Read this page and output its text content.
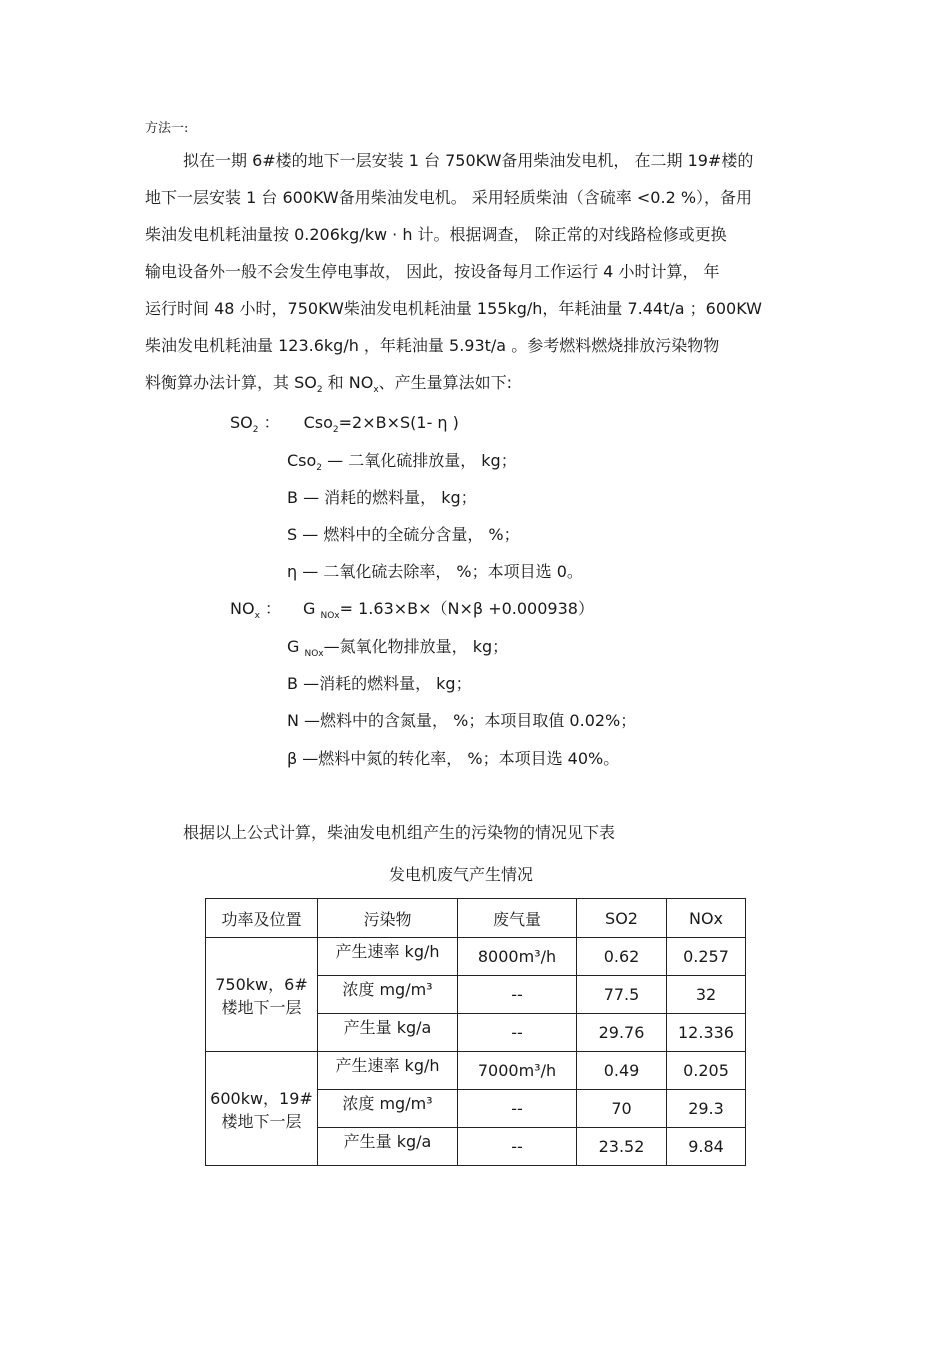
方法一:
拟在一期 6#楼的地下一层安装 1 台 750KW备用柴油发电机， 在二期 19#楼的
地下一层安装 1 台 600KW备用柴油发电机。 采用轻质柴油（含硫率 <0.2 %），备用
柴油发电机耗油量按 0.206kg/kw · h 计。根据调查， 除正常的对线路检修或更换
输电设备外一般不会发生停电事故， 因此，按设备每月工作运行 4 小时计算， 年
运行时间 48 小时，750KW柴油发电机耗油量 155kg/h，年耗油量 7.44t/a ；600KW
柴油发电机耗油量 123.6kg/h ，年耗油量 5.93t/a 。参考燃料燃烧排放污染物物
料衡算办法计算，其 $SO_2$ 和 $NO_x$、产生量算法如下:
$SO_2$ ： Cso$_2$=2×B×S(1- η )
Cso$_2$ — 二氧化硫排放量， kg；
B — 消耗的燃料量， kg；
S — 燃料中的全硫分含量， %；
η — 二氧化硫去除率， %；本项目选 0。
$NO_x$ ： G $_{NOx}$= 1.63×B×（N×β +0.000938）
G $_{NOx}$—氮氧化物排放量， kg；
B —消耗的燃料量， kg；
N —燃料中的含氮量， %；本项目取值 0.02%；
β —燃料中氮的转化率， %；本项目选 40%。
根据以上公式计算，柴油发电机组产生的污染物的情况见下表
发电机废气产生情况
功率及位置	污染物	废气量	SO2	NOx

750kw，6#
楼地下一层	产生速率 kg/h	8000m³/h	0.62	0.257

	浓度 mg/m³	--	77.5	32

	产生量 kg/a	--	29.76	12.336

600kw，19#
楼地下一层	产生速率 kg/h	7000m³/h	0.49	0.205

	浓度 mg/m³	--	70	29.3

	产生量 kg/a	--	23.52	9.84
